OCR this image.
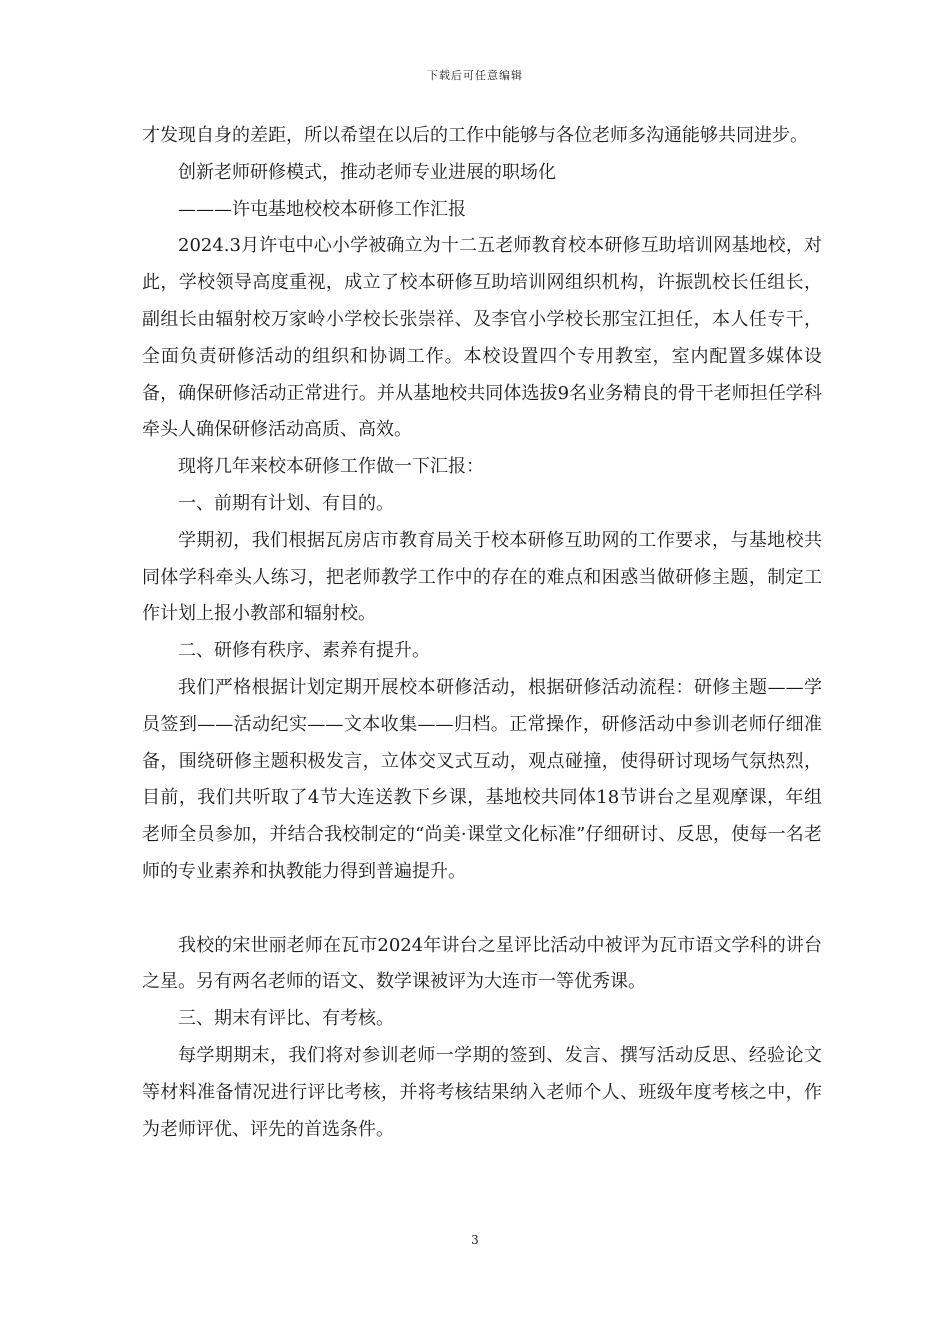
下载后可任意编辑

才发现自身的差距，所以希望在以后的工作中能够与各位老师多沟通能够共同进步。

创新老师研修模式，推动老师专业进展的职场化

———许屯基地校校本研修工作汇报

2024.3月许屯中心小学被确立为十二五老师教育校本研修互助培训网基地校，对此，学校领导高度重视，成立了校本研修互助培训网组织机构，许振凯校长任组长，副组长由辐射校万家岭小学校长张崇祥、及李官小学校长那宝江担任，本人任专干，全面负责研修活动的组织和协调工作。本校设置四个专用教室，室内配置多媒体设备，确保研修活动正常进行。并从基地校共同体选拔9名业务精良的骨干老师担任学科牵头人确保研修活动高质、高效。

现将几年来校本研修工作做一下汇报：

一、前期有计划、有目的。

学期初，我们根据瓦房店市教育局关于校本研修互助网的工作要求，与基地校共同体学科牵头人练习，把老师教学工作中的存在的难点和困惑当做研修主题，制定工作计划上报小教部和辐射校。

二、研修有秩序、素养有提升。

我们严格根据计划定期开展校本研修活动，根据研修活动流程：研修主题——学员签到——活动纪实——文本收集——归档。正常操作，研修活动中参训老师仔细准备，围绕研修主题积极发言，立体交叉式互动，观点碰撞，使得研讨现场气氛热烈，目前，我们共听取了4节大连送教下乡课，基地校共同体18节讲台之星观摩课，年组老师全员参加，并结合我校制定的“尚美·课堂文化标准”仔细研讨、反思，使每一名老师的专业素养和执教能力得到普遍提升。

我校的宋世丽老师在瓦市2024年讲台之星评比活动中被评为瓦市语文学科的讲台之星。另有两名老师的语文、数学课被评为大连市一等优秀课。

三、期末有评比、有考核。

每学期期末，我们将对参训老师一学期的签到、发言、撰写活动反思、经验论文等材料准备情况进行评比考核，并将考核结果纳入老师个人、班级年度考核之中，作为老师评优、评先的首选条件。

3
